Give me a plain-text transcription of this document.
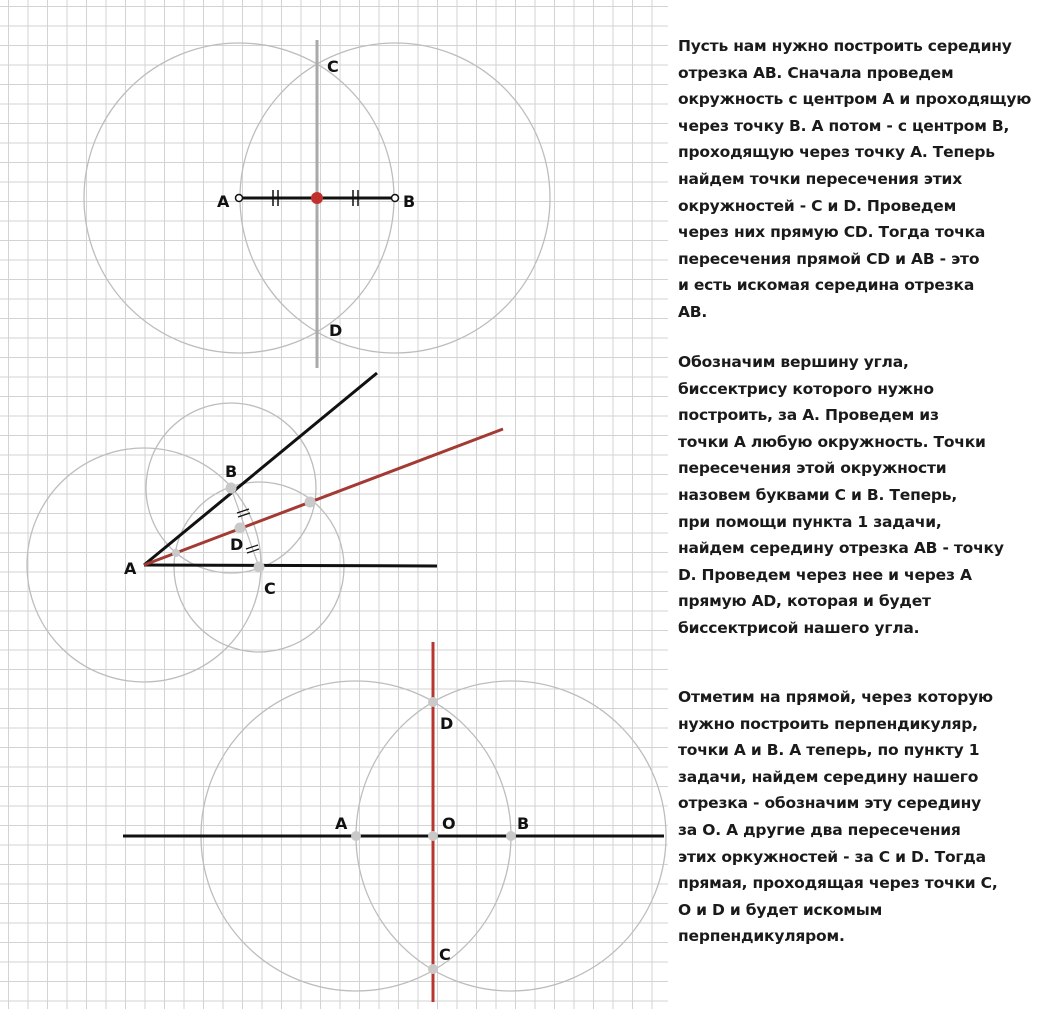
A	B
C
D
A
B
C
D
A	B
O
D
C
Пусть нам нужно построить середину
отрезка АВ. Сначала проведем
окружность с центром А и проходящую
через точку В. А потом - с центром В,
проходящую через точку А. Теперь
найдем точки пересечения этих
окружностей - С и D. Проведем
через них прямую CD. Тогда точка
пересечения прямой CD и АВ - это
и есть искомая середина отрезка
АВ.
Обозначим вершину угла,
биссектрису которого нужно
построить, за А. Проведем из
точки А любую окружность. Точки
пересечения этой окружности
назовем буквами С и В. Теперь,
при помощи пункта 1 задачи,
найдем середину отрезка АВ - точку
D. Проведем через нее и через А
прямую AD, которая и будет
биссектрисой нашего угла.
Отметим на прямой, через которую
нужно построить перпендикуляр,
точки А и В. А теперь, по пункту 1
задачи, найдем середину нашего
отрезка - обозначим эту середину
за О. А другие два пересечения
этих оркужностей - за С и D. Тогда
прямая, проходящая через точки С,
О и D и будет искомым
перпендикуляром.
